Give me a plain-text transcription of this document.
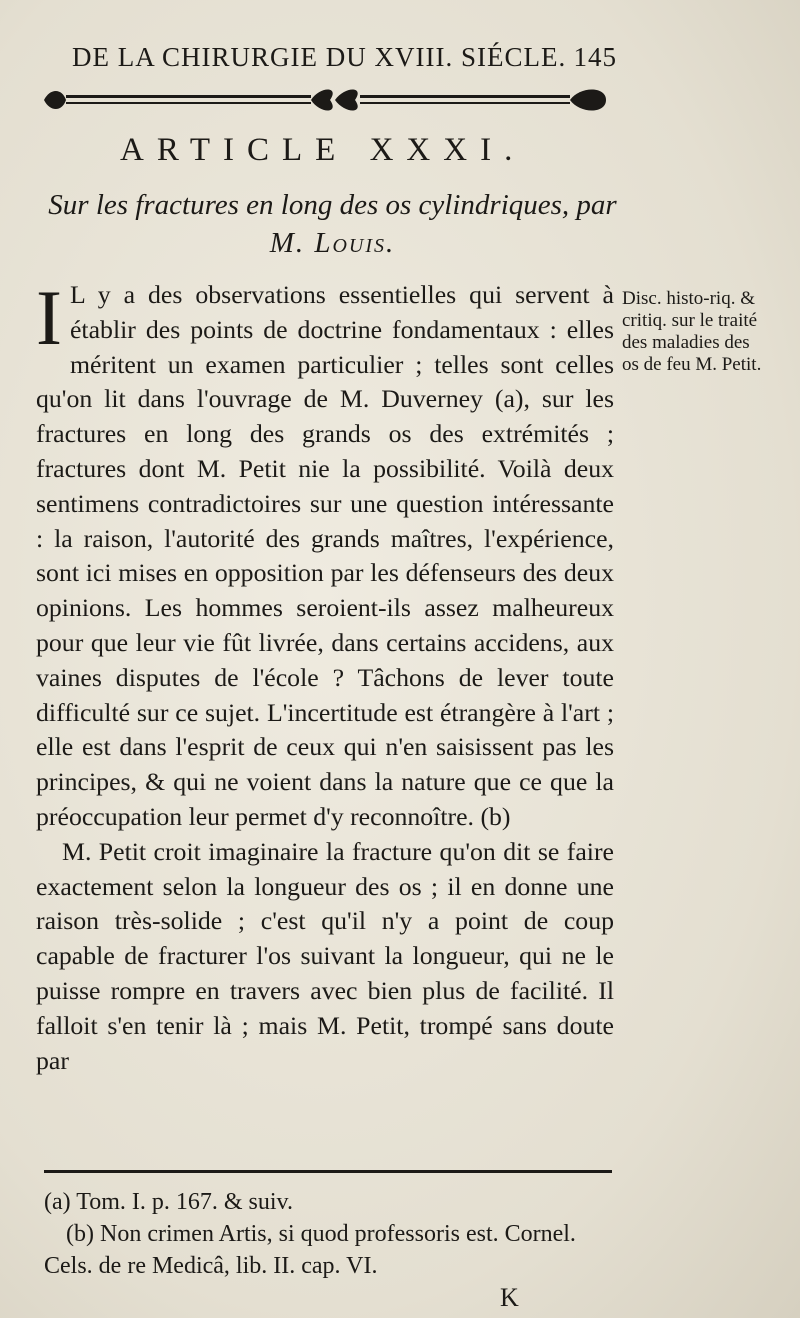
DE LA CHIRURGIE DU XVIII. SIÉCLE. 145
ARTICLE XXXI.
Sur les fractures en long des os cylindriques, par
M. Louis.
Disc. histo-riq. & critiq. sur le traité des maladies des os de feu M. Petit.

I L y a des observations essentielles qui servent à établir des points de doctrine fondamentaux : elles méritent un examen particulier ; telles sont celles qu'on lit dans l'ouvrage de M. Duverney (a), sur les fractures en long des grands os des extrémités ; fractures dont M. Petit nie la possibilité. Voilà deux sentimens contradictoires sur une question intéressante : la raison, l'autorité des grands maîtres, l'expérience, sont ici mises en opposition par les défenseurs des deux opinions. Les hommes seroient-ils assez malheureux pour que leur vie fût livrée, dans certains accidens, aux vaines disputes de l'école ? Tâchons de lever toute difficulté sur ce sujet. L'incertitude est étrangère à l'art ; elle est dans l'esprit de ceux qui n'en saisissent pas les principes, & qui ne voient dans la nature que ce que la préoccupation leur permet d'y reconnoître. (b)

M. Petit croit imaginaire la fracture qu'on dit se faire exactement selon la longueur des os ; il en donne une raison très-solide ; c'est qu'il n'y a point de coup capable de fracturer l'os suivant la longueur, qui ne le puisse rompre en travers avec bien plus de facilité. Il falloit s'en tenir là ; mais M. Petit, trompé sans doute par

(a) Tom. I. p. 167. & suiv.
(b) Non crimen Artis, si quod professoris est. Cornel. Cels. de re Medicâ, lib. II. cap. VI.
K
